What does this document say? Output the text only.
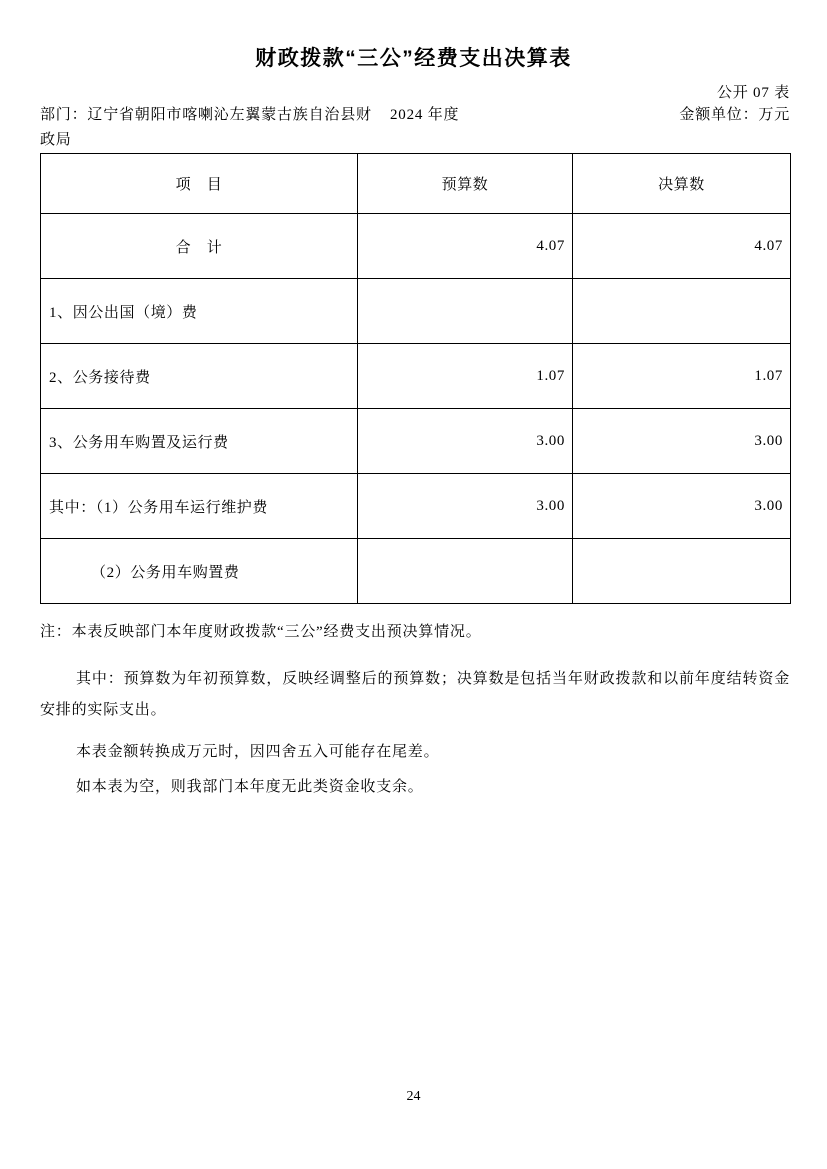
财政拨款“三公”经费支出决算表
公开 07 表
部门：辽宁省朝阳市喀喇沁左翼蒙古族自治县财政局
2024 年度	金额单位：万元
项　目	预算数	决算数
合　计	4.07	4.07
1、因公出国（境）费		
2、公务接待费	1.07	1.07
3、公务用车购置及运行费	3.00	3.00
其中：（1）公务用车运行维护费	3.00	3.00
（2）公务用车购置费		

注：本表反映部门本年度财政拨款“三公”经费支出预决算情况。

其中：预算数为年初预算数，反映经调整后的预算数；决算数是包括当年财政拨款和以前年度结转资金安排的实际支出。

本表金额转换成万元时，因四舍五入可能存在尾差。

如本表为空，则我部门本年度无此类资金收支余。

24
